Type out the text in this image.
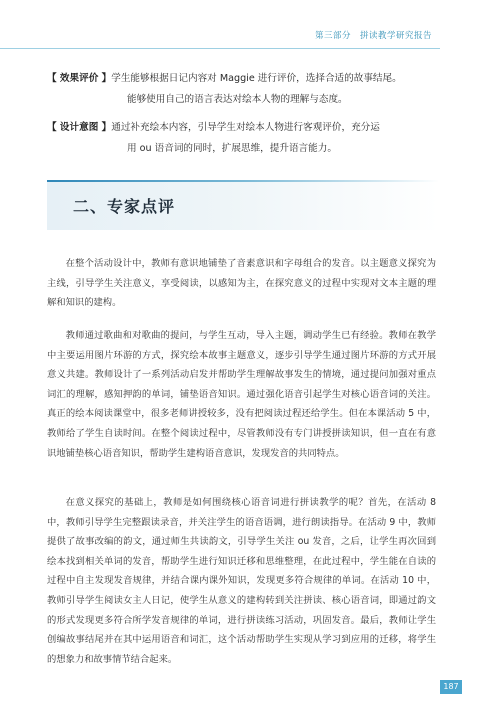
第三部分　拼读教学研究报告
【 效果评价 】学生能够根据日记内容对 Maggie 进行评价，选择合适的故事结尾。
能够使用自己的语言表达对绘本人物的理解与态度。
【 设计意图 】通过补充绘本内容，引导学生对绘本人物进行客观评价，充分运
用 ou 语音词的同时，扩展思维，提升语言能力。
二、专家点评

在整个活动设计中，教师有意识地铺垫了音素意识和字母组合的发音。以主题意义探究为主线，引导学生关注意义，享受阅读，以感知为主，在探究意义的过程中实现对文本主题的理解和知识的建构。

教师通过歌曲和对歌曲的提问，与学生互动，导入主题，调动学生已有经验。教师在教学中主要运用图片环游的方式，探究绘本故事主题意义，逐步引导学生通过图片环游的方式开展意义共建。教师设计了一系列活动启发并帮助学生理解故事发生的情境，通过提问加强对重点词汇的理解，感知押韵的单词，铺垫语音知识。通过强化语音引起学生对核心语音词的关注。真正的绘本阅读课堂中，很多老师讲授较多，没有把阅读过程还给学生。但在本课活动 5 中，教师给了学生自读时间。在整个阅读过程中，尽管教师没有专门讲授拼读知识，但一直在有意识地铺垫核心语音知识，帮助学生建构语音意识，发现发音的共同特点。

在意义探究的基础上，教师是如何围绕核心语音词进行拼读教学的呢？首先，在活动 8 中，教师引导学生完整跟读录音，并关注学生的语音语调，进行朗读指导。在活动 9 中，教师提供了故事改编的韵文，通过师生共读韵文，引导学生关注 ou 发音，之后，让学生再次回到绘本找到相关单词的发音，帮助学生进行知识迁移和思维整理，在此过程中，学生能在自读的过程中自主发现发音规律，并结合课内课外知识，发现更多符合规律的单词。在活动 10 中，教师引导学生阅读女主人日记，使学生从意义的建构转到关注拼读、核心语音词，即通过韵文的形式发现更多符合所学发音规律的单词，进行拼读练习活动，巩固发音。最后，教师让学生创编故事结尾并在其中运用语音和词汇，这个活动帮助学生实现从学习到应用的迁移，将学生的想象力和故事情节结合起来。

187
